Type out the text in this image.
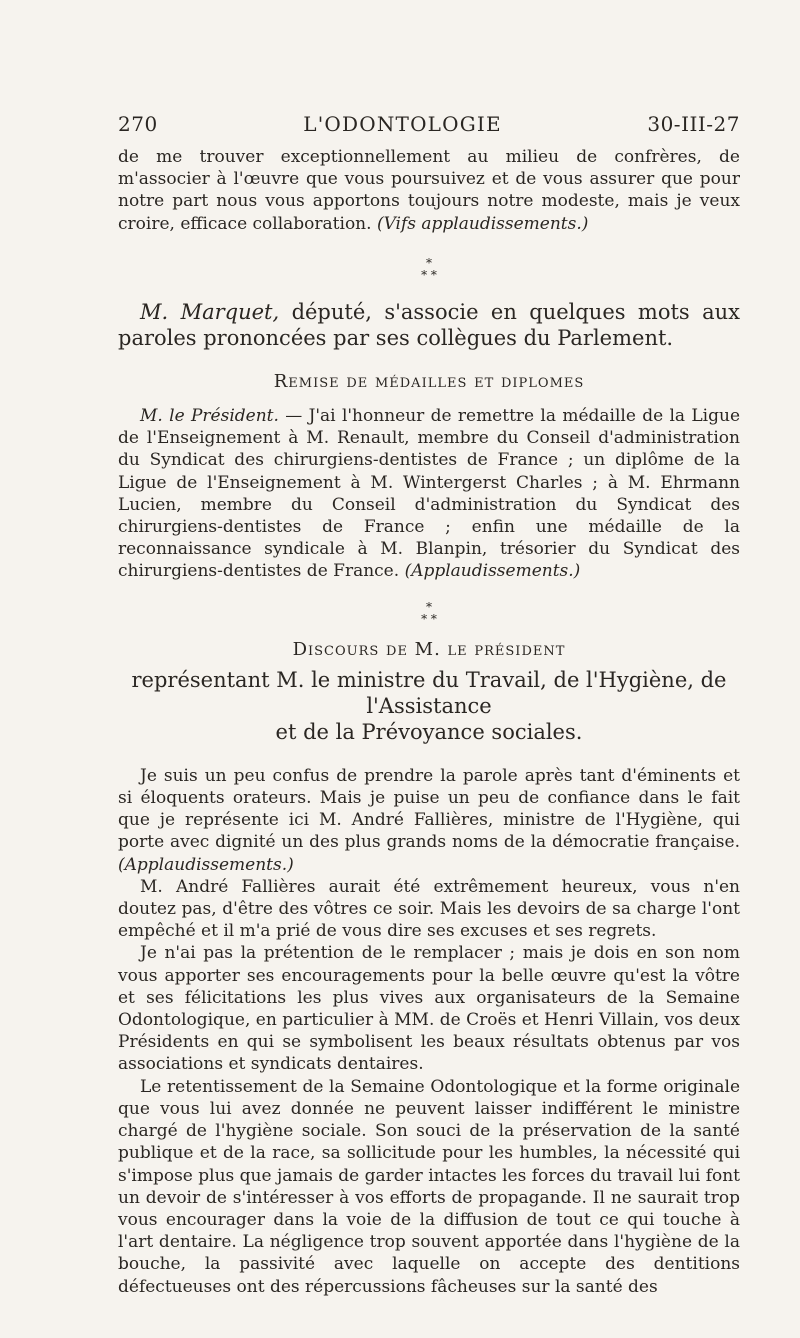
270	L'ODONTOLOGIE	30-III-27

de me trouver exceptionnellement au milieu de confrères, de m'associer à l'œuvre que vous poursuivez et de vous assurer que pour notre part nous vous apportons toujours notre modeste, mais je veux croire, efficace collaboration. (Vifs applaudissements.)

*
* *

M. Marquet, député, s'associe en quelques mots aux paroles prononcées par ses collègues du Parlement.

Remise de médailles et diplomes

M. le Président. — J'ai l'honneur de remettre la médaille de la Ligue de l'Enseignement à M. Renault, membre du Conseil d'administration du Syndicat des chirurgiens-dentistes de France ; un diplôme de la Ligue de l'Enseignement à M. Wintergerst Charles ; à M. Ehrmann Lucien, membre du Conseil d'administration du Syndicat des chirurgiens-dentistes de France ; enfin une médaille de la reconnaissance syndicale à M. Blanpin, trésorier du Syndicat des chirurgiens-dentistes de France. (Applaudissements.)

*
* *

Discours de M. le président

représentant M. le ministre du Travail, de l'Hygiène, de l'Assistance

et de la Prévoyance sociales.

Je suis un peu confus de prendre la parole après tant d'éminents et si éloquents orateurs. Mais je puise un peu de confiance dans le fait que je représente ici M. André Fallières, ministre de l'Hygiène, qui porte avec dignité un des plus grands noms de la démocratie française. (Applaudissements.)

M. André Fallières aurait été extrêmement heureux, vous n'en doutez pas, d'être des vôtres ce soir. Mais les devoirs de sa charge l'ont empêché et il m'a prié de vous dire ses excuses et ses regrets.

Je n'ai pas la prétention de le remplacer ; mais je dois en son nom vous apporter ses encouragements pour la belle œuvre qu'est la vôtre et ses félicitations les plus vives aux organisateurs de la Semaine Odontologique, en particulier à MM. de Croës et Henri Villain, vos deux Présidents en qui se symbolisent les beaux résultats obtenus par vos associations et syndicats dentaires.

Le retentissement de la Semaine Odontologique et la forme originale que vous lui avez donnée ne peuvent laisser indifférent le ministre chargé de l'hygiène sociale. Son souci de la préservation de la santé publique et de la race, sa sollicitude pour les humbles, la nécessité qui s'impose plus que jamais de garder intactes les forces du travail lui font un devoir de s'intéresser à vos efforts de propagande. Il ne saurait trop vous encourager dans la voie de la diffusion de tout ce qui touche à l'art dentaire. La négligence trop souvent apportée dans l'hygiène de la bouche, la passivité avec laquelle on accepte des dentitions défectueuses ont des répercussions fâcheuses sur la santé des
